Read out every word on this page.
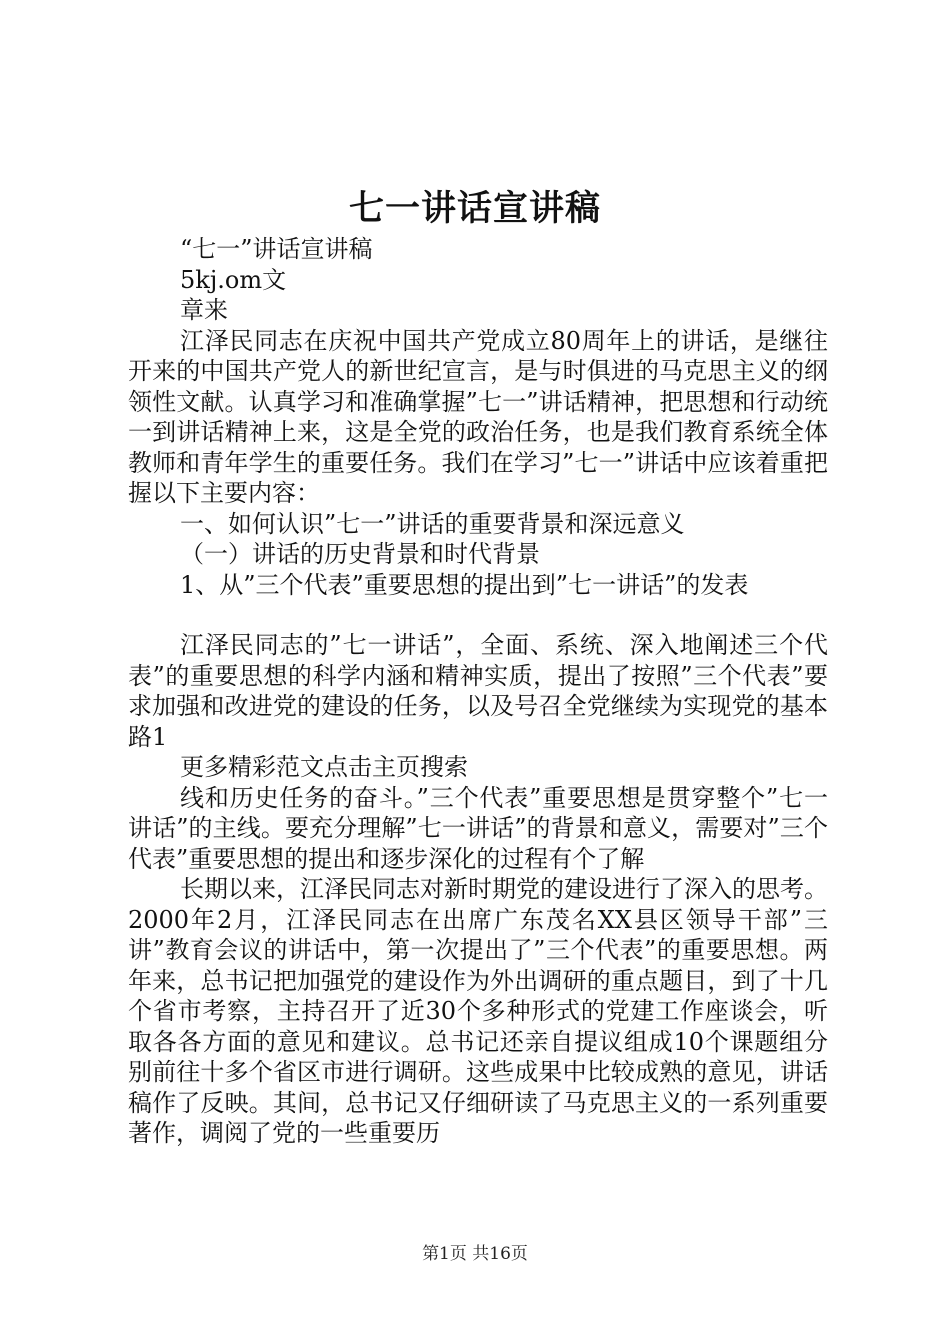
七一讲话宣讲稿

“七一”讲话宣讲稿

5kj.om文

章来

江泽民同志在庆祝中国共产党成立80周年上的讲话，是继往开来的中国共产党人的新世纪宣言，是与时俱进的马克思主义的纲领性文献。认真学习和准确掌握”七一”讲话精神，把思想和行动统一到讲话精神上来，这是全党的政治任务，也是我们教育系统全体教师和青年学生的重要任务。我们在学习”七一”讲话中应该着重把握以下主要内容：

一、如何认识”七一”讲话的重要背景和深远意义

（一）讲话的历史背景和时代背景

1、从”三个代表”重要思想的提出到”七一讲话”的发表

江泽民同志的”七一讲话”，全面、系统、深入地阐述三个代表”的重要思想的科学内涵和精神实质，提出了按照”三个代表”要求加强和改进党的建设的任务，以及号召全党继续为实现党的基本路1

更多精彩范文点击主页搜索

线和历史任务的奋斗。”三个代表”重要思想是贯穿整个”七一讲话”的主线。要充分理解”七一讲话”的背景和意义，需要对”三个代表”重要思想的提出和逐步深化的过程有个了解

长期以来，江泽民同志对新时期党的建设进行了深入的思考。2000年2月，江泽民同志在出席广东茂名XX县区领导干部”三讲”教育会议的讲话中，第一次提出了”三个代表”的重要思想。两年来，总书记把加强党的建设作为外出调研的重点题目，到了十几个省市考察，主持召开了近30个多种形式的党建工作座谈会，听取各各方面的意见和建议。总书记还亲自提议组成10个课题组分别前往十多个省区市进行调研。这些成果中比较成熟的意见，讲话稿作了反映。其间，总书记又仔细研读了马克思主义的一系列重要著作，调阅了党的一些重要历

第1页 共16页
